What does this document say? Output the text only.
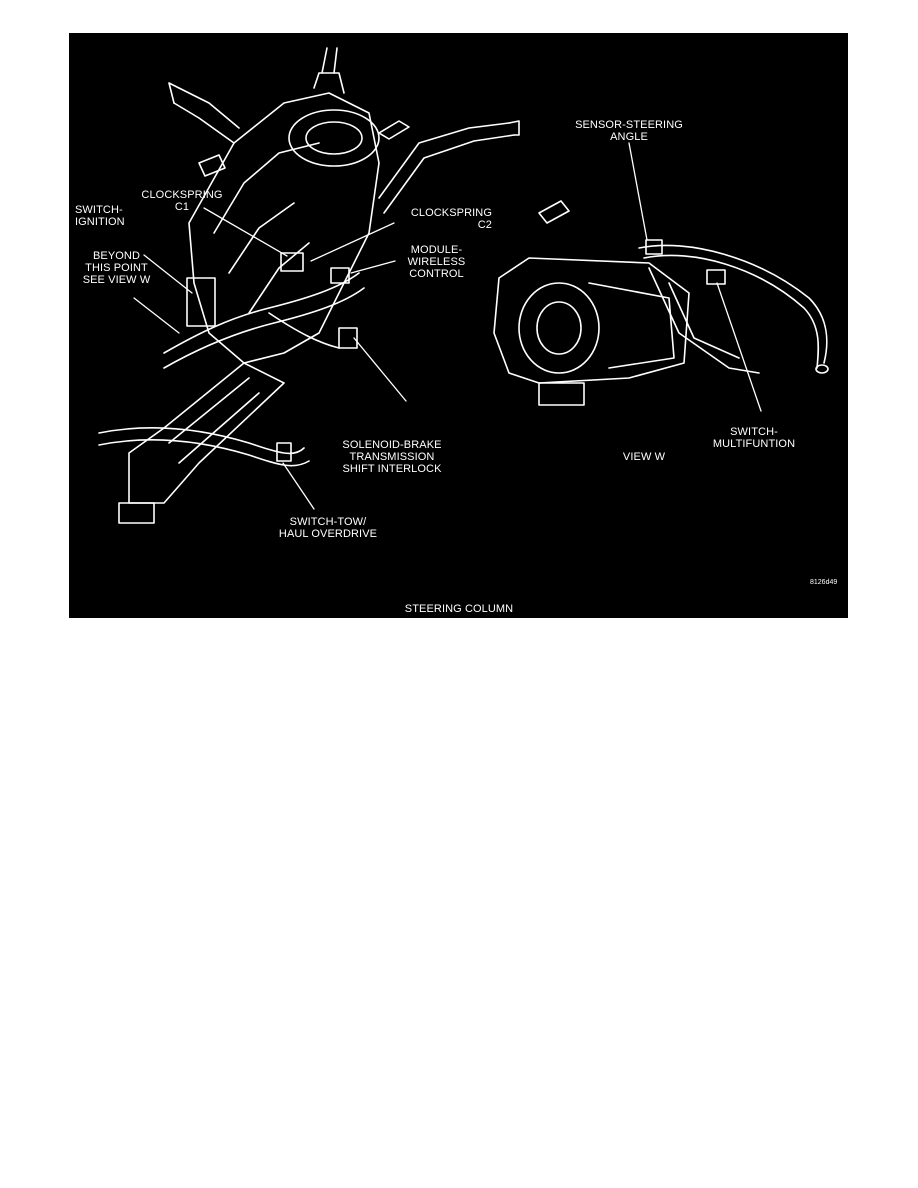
CLOCKSPRING
C1
SWITCH-
IGNITION
BEYOND
THIS POINT
SEE VIEW W
CLOCKSPRING
C2
MODULE-
WIRELESS
CONTROL
SOLENOID-BRAKE
TRANSMISSION
SHIFT INTERLOCK
SWITCH-TOW/
HAUL OVERDRIVE
SENSOR-STEERING
ANGLE
SWITCH-
MULTIFUNTION
VIEW W
8126d49
STEERING COLUMN
